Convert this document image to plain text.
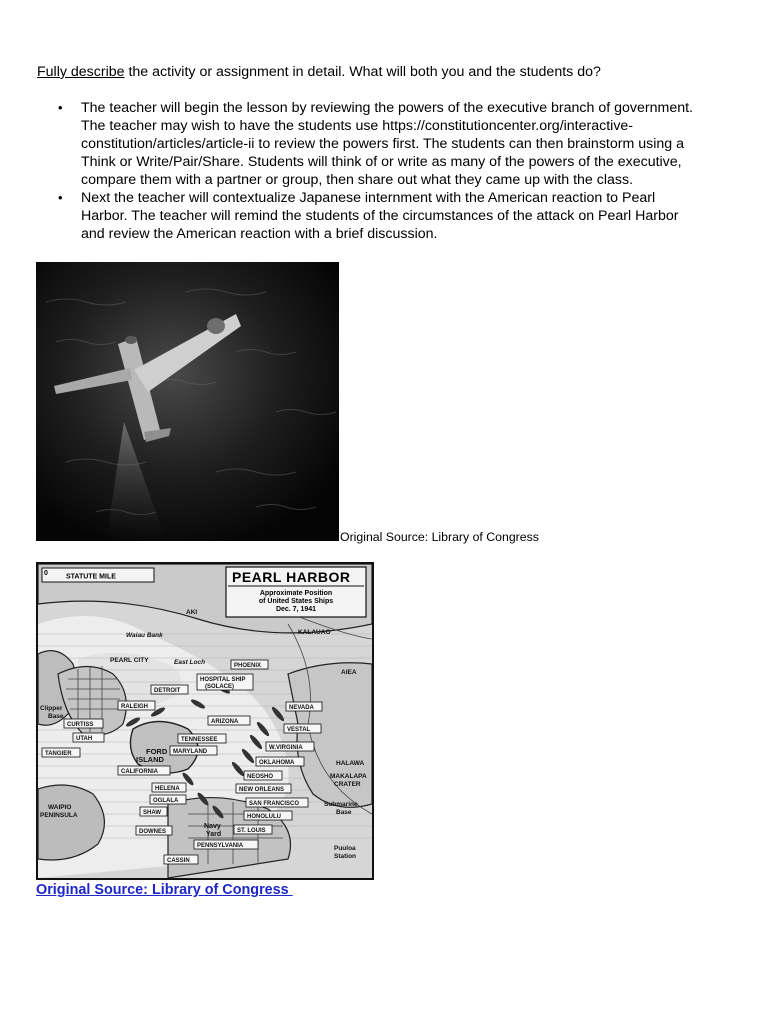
Fully describe the activity or assignment in detail. What will both you and the students do?
• The teacher will begin the lesson by reviewing the powers of the executive branch of government.
The teacher may wish to have the students use https://constitutioncenter.org/interactive-
constitution/articles/article-ii to review the powers first. The students can then brainstorm using a
Think or Write/Pair/Share. Students will think of or write as many of the powers of the executive,
compare them with a partner or group, then share out what they came up with the class.
• Next the teacher will contextualize Japanese internment with the American reaction to Pearl
Harbor. The teacher will remind the students of the circumstances of the attack on Pearl Harbor
and review the American reaction with a brief discussion.
Original Source: Library of Congress
STATUTE MILE
0	PEARL HARBOR
Approximate Position
of United States Ships
Dec. 7, 1941
AKI
KALAUAO
Waiau Bank
PEARL CITY	East Loch
AIEA
Clipper
Base
FORD
ISLAND	HALAWA
MAKALAPA
CRATER
Submarine
Base
WAIPIO
PENINSULA
Navy
Yard
Puuloa
Station
PHOENIX
HOSPITAL SHIP
(SOLACE)
DETROIT
RALEIGH
ARIZONA
NEVADA
CURTISS
VESTAL
UTAH	TENNESSEE
TANGIER	MARYLAND
W.VIRGINIA
OKLAHOMA
CALIFORNIA
NEOSHO
HELENA	NEW ORLEANS
OGLALA	SAN FRANCISCO
SHAW
HONOLULU
DOWNES	ST. LOUIS
PENNSYLVANIA
CASSIN
Original Source: Library of Congress
